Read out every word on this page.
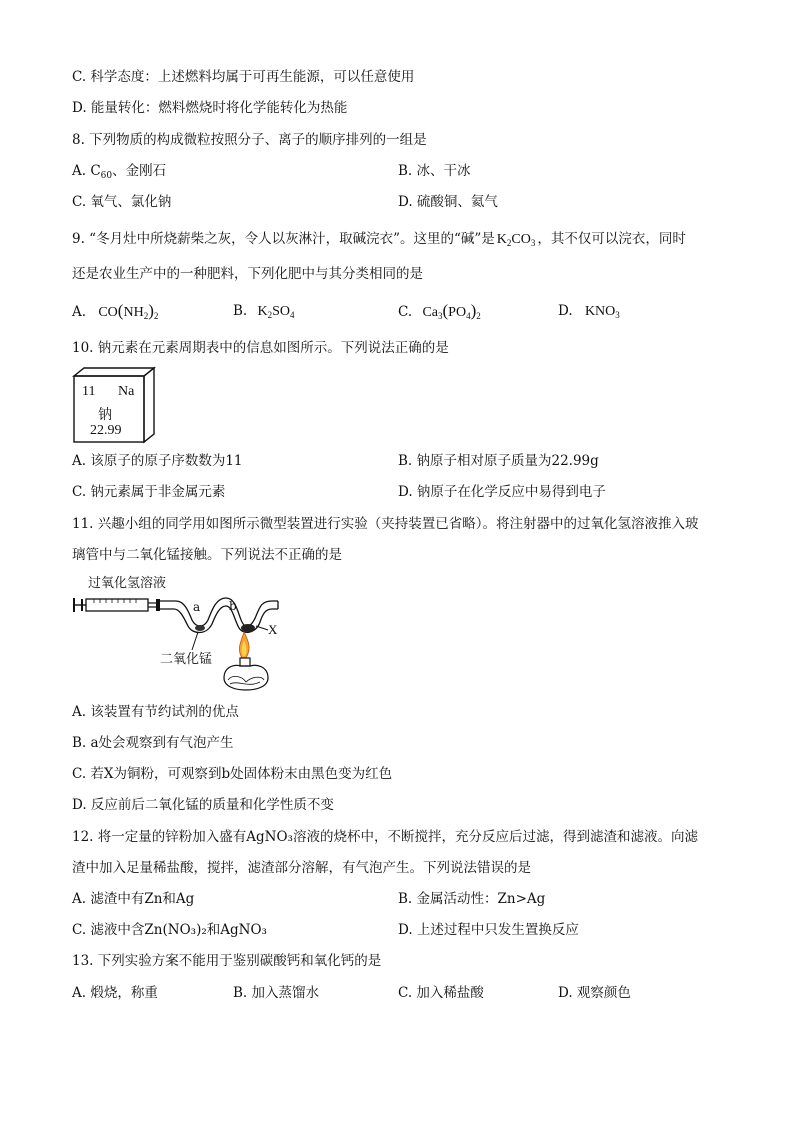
C. 科学态度：上述燃料均属于可再生能源，可以任意使用
D. 能量转化：燃料燃烧时将化学能转化为热能
8. 下列物质的构成微粒按照分子、离子的顺序排列的一组是
A. $C_{60}$、金刚石	B. 冰、干冰
C. 氧气、氯化钠	D. 硫酸铜、氦气
9. “冬月灶中所烧薪柴之灰，令人以灰淋汁，取碱浣衣”。这里的“碱”是 $K_2CO_3$ ，其不仅可以浣衣，同时
还是农业生产中的一种肥料，下列化肥中与其分类相同的是
A. $CO(NH_2)_2$	B. $K_2SO_4$	C. $Ca_3(PO_4)_2$	D. $KNO_3$
10. 钠元素在元素周期表中的信息如图所示。下列说法正确的是
11 Na
钠
22.99
A. 该原子的原子序数数为11	B. 钠原子相对原子质量为22.99g
C. 钠元素属于非金属元素	D. 钠原子在化学反应中易得到电子
11. 兴趣小组的同学用如图所示微型装置进行实验（夹持装置已省略）。将注射器中的过氧化氢溶液推入玻
璃管中与二氧化锰接触。下列说法不正确的是
过氧化氢溶液
a b
X
二氧化锰
A. 该装置有节约试剂的优点
B. a处会观察到有气泡产生
C. 若X为铜粉，可观察到b处固体粉末由黑色变为红色
D. 反应前后二氧化锰的质量和化学性质不变
12. 将一定量的锌粉加入盛有AgNO₃溶液的烧杯中，不断搅拌，充分反应后过滤，得到滤渣和滤液。向滤
渣中加入足量稀盐酸，搅拌，滤渣部分溶解，有气泡产生。下列说法错误的是
A. 滤渣中有Zn和Ag	B. 金属活动性：Zn>Ag
C. 滤液中含Zn(NO₃)₂和AgNO₃	D. 上述过程中只发生置换反应
13. 下列实验方案不能用于鉴别碳酸钙和氧化钙的是
A. 煅烧，称重	B. 加入蒸馏水	C. 加入稀盐酸	D. 观察颜色
